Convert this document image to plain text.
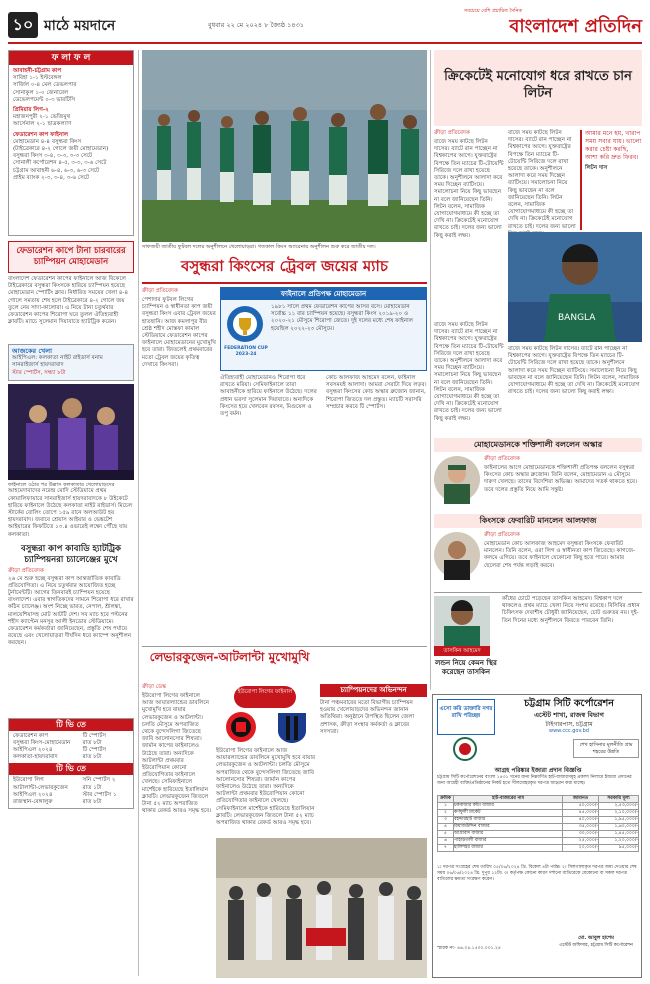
১০ মাঠে ময়দানে	বুধবার ২২ মে ২০২৪ ৮ জ্যৈষ্ঠ ১৪৩১
সবচেয়ে বেশি প্রচারিত দৈনিক
বাংলাদেশ প্রতিদিন
ফ লা ফ ল
আবাহনী-চট্টগ্রাম কাপ
সাবিহা ১-১ ইস্টবেঙ্গল
সার্জিল ০-৪ মেল ডেভলপার
সোনাকুল ১-০ জেনারেল
ডেভেলপমেন্ট ০-৩ ভারটিসি
প্রিমিয়ার লিগ-২
মহাজনপুরী ২-১ ভেজিমুথ
আর্সেনাল ২-১ ছাত্রকল্যাণ
ফেডারেশন কাপ ফাইনাল
মোহামেডান ৪-৪ বসুন্ধরা কিংস
(টাইব্রেকারে ৪-২ গোলে জয়ী মোহামেডান)
বসুন্ধরা কিংস ৩-৪, ৩-৩, ৩-৩ সেটে
সোনালী কর্পোরেশন ৪-৫, ৩-৩, ৩-৬ সেটে
চট্টগ্রাম আবাহনী ৬-৪, ৬-৩, ৬-৩ সেটে
প্রাইম ব্যাংক ২-৩, ৩-৪, ৩-৬ সেটে
ফেডারেশন কাপে টানা চারবারের চ্যাম্পিয়ন মোহামেডান
বাংলাদেশ ফেডারেশন কাপের ফাইনালে আজ বিকেলে টাইব্রেকারে বসুন্ধরা কিংসকে হারিয়ে চ্যাম্পিয়ন হয়েছে মোহামেডান স্পোর্টিং ক্লাব। নির্ধারিত সময়ের খেলা ৪-৪ গোলে সমতায় শেষ হলে টাইব্রেকারে ৪-২ গোলে জয় তুলে নেয় সাদা-কালোরা। এ নিয়ে টানা চতুর্থবার ফেডারেশন কাপের শিরোপা ঘরে তুলল ঐতিহ্যবাহী ক্লাবটি। ম্যাচে সুলেমান দিয়াবাতে হ্যাটট্রিক করেন।
আজকের খেলা
আইপিএল: কলকাতা নাইট রাইডার্স বনাম সানরাইজার্স হায়দরাবাদ
স্টার স্পোর্টস, সন্ধ্যা ৮টা
ফাইনালে ওঠার পর উল্লাস কলকাতার খেলোয়াড়দের
আহমেদাবাদের নরেন্দ্র মোদি স্টেডিয়ামে প্রথম কোয়ালিফায়ারে সানরাইজার্স হায়দরাবাদকে ৮ উইকেটে হারিয়ে ফাইনালে উঠেছে কলকাতা নাইট রাইডার্স। মিচেল স্টার্কের বোলিং তোপে ১৫৯ রানে অলআউট হয় হায়দরাবাদ। জবাবে শ্রেয়াস আইয়ার ও ভেঙ্কটেশ আইয়ারের ফিফটিতে ১৩.৪ ওভারেই লক্ষ্যে পৌঁছে যায় কলকাতা।
বসুন্ধরা কাপ কাবাডি হ্যাটট্রিক চ্যাম্পিয়নরা চ্যালেঞ্জের মুখে
ক্রীড়া প্রতিবেদক
২৬ মে শুরু হচ্ছে বসুন্ধরা কাপ আন্তর্জাতিক কাবাডি প্রতিযোগিতা। এ নিয়ে চতুর্থবার আয়োজিত হচ্ছে টুর্নামেন্টটি। আগের তিনবারই চ্যাম্পিয়ন হয়েছে বাংলাদেশ। এবার স্বাগতিকদের সামনে শিরোপা ধরে রাখার কঠিন চ্যালেঞ্জ। অংশ নিচ্ছে ভারত, নেপাল, শ্রীলঙ্কা, মালয়েশিয়াসহ মোট আটটি দেশ। সব ম্যাচ হবে পল্টনের শহীদ ক্যাপ্টেন মনসুর আলী ইনডোর স্টেডিয়ামে। ফেডারেশন কর্মকর্তারা জানিয়েছেন, প্রস্তুতি শেষ পর্যায়ে রয়েছে এবং খেলোয়াড়রা দীর্ঘদিন ধরে ক্যাম্পে অনুশীলন করছেন।
টি ভি তে
ফেডারেশন কাপ	টি স্পোর্টস
বসুন্ধরা কিংস-মোহামেডান	রাত ৮টা
আইপিএল ২০২৪	টি স্পোর্টস
কলকাতা-হায়দরাবাদ	রাত ৮টা
টি ভি তে
ইউরোপা লিগ	সনি স্পোর্টস ২
আটালান্টা-লেভারকুজেন	রাত ১টা
আইপিএল ২০২৪	স্টার স্পোর্টস ১
রাজস্থান-বেঙ্গালুরু	রাত ৮টা
সাফজয়ী জাতীয় ফুটবল দলের অনুশীলনে খেলোয়াড়রা। গতকাল কিংস অ্যারেনায় অনুশীলন শুরু করে জাতীয় দল।
বসুন্ধরা কিংসের ট্রেবল জয়ের ম্যাচ
ক্রীড়া প্রতিবেদক
পেশাদার ফুটবল লিগের চ্যাম্পিয়ন ও স্বাধীনতা কাপ জয়ী বসুন্ধরা কিংস এবার ট্রেবল জয়ের হাতছানি। আজ কমলাপুর বীর শ্রেষ্ঠ শহীদ মোস্তফা কামাল স্টেডিয়ামে ফেডারেশন কাপের ফাইনালে মোহামেডানের মুখোমুখি হবে তারা। জিতলেই প্রথমবারের মতো ট্রেবল জয়ের কৃতিত্ব দেখাবে কিংসরা।
ফাইনালে প্রতিপক্ষ মোহামেডান
FEDERATION CUP 2023-24
১৯৮১ সালে প্রথম ফেডারেশন কাপের আসর বসে। মোহামেডান সর্বোচ্চ ১১ বার চ্যাম্পিয়ন হয়েছে। বসুন্ধরা কিংস ২০১৯-২০ ও ২০২০-২১ মৌসুমে শিরোপা জেতে। দুই দলের মধ্যে শেষ ফাইনাল হয়েছিল ২০২২-২৩ মৌসুমে।
ঐতিহ্যবাহী মোহামেডানও শিরোপা ধরে রাখতে মরিয়া। সেমিফাইনালে তারা আবাহনীকে হারিয়ে ফাইনালে উঠেছে। দলের প্রধান ভরসা সুলেমান দিয়াবাতে। অন্যদিকে কিংসের হয়ে খেলবেন রবসন, মিগুয়েল ও তপু বর্মন।
কোচ আলফাজ আহমেদ বলেন, ফাইনাল সবসময়ই আলাদা। আমরা সেরাটা দিয়ে লড়ব। বসুন্ধরা কিংসের কোচ অস্কার ব্রুজোন জানান, শিরোপা জিততে দল প্রস্তুত। ম্যাচটি সরাসরি সম্প্রচার করবে টি স্পোর্টস।
লেভারকুজেন-আটলান্টা মুখোমুখি
ক্রীড়া ডেস্ক
ইউরোপা লিগের ফাইনালে আজ আয়ারল্যান্ডের ডাবলিনে মুখোমুখি হবে বায়ার লেভারকুজেন ও আটলান্টা। চলতি মৌসুমে অপরাজিত থেকে বুন্দেসলিগা জিতেছে জাবি আলোনসোর শিষ্যরা। জার্মান কাপের ফাইনালেও উঠেছে তারা। অন্যদিকে আটলান্টা প্রথমবার ইউরোপিয়ান কোনো প্রতিযোগিতার ফাইনালে খেলছে। সেমিফাইনালে মার্শেইকে হারিয়েছে ইতালিয়ান ক্লাবটি। লেভারকুজেন জিতলে টানা ৫২ ম্যাচ অপরাজিত থাকার রেকর্ড আরও সমৃদ্ধ হবে।
ইউরোপা লিগের ফাইনাল
ইউরোপা লিগের ফাইনালে আজ আয়ারল্যান্ডের ডাবলিনে মুখোমুখি হবে বায়ার লেভারকুজেন ও আটলান্টা। চলতি মৌসুমে অপরাজিত থেকে বুন্দেসলিগা জিতেছে জাবি আলোনসোর শিষ্যরা। জার্মান কাপের ফাইনালেও উঠেছে তারা। অন্যদিকে আটলান্টা প্রথমবার ইউরোপিয়ান কোনো প্রতিযোগিতার ফাইনালে খেলছে। সেমিফাইনালে মার্শেইকে হারিয়েছে ইতালিয়ান ক্লাবটি। লেভারকুজেন জিতলে টানা ৫২ ম্যাচ অপরাজিত থাকার রেকর্ড আরও সমৃদ্ধ হবে।
চ্যাম্পিয়নদের অভিনন্দন
টানা পঞ্চমবারের মতো বিভাগীয় চ্যাম্পিয়ন হওয়ায় খেলোয়াড়দের অভিনন্দন জানান অতিথিরা। অনুষ্ঠানে উপস্থিত ছিলেন জেলা প্রশাসক, ক্রীড়া সংস্থার কর্মকর্তা ও ক্লাবের সদস্যরা।
ক্রিকেটেই মনোযোগ ধরে রাখতে চান লিটন
ক্রীড়া প্রতিবেদক
বাজে সময় কাটছে লিটন দাসের। ব্যাটে রান পাচ্ছেন না বিশ্বকাপের আগে। যুক্তরাষ্ট্রের বিপক্ষে তিন ম্যাচের টি-টোয়েন্টি সিরিজে দলে রাখা হয়েছে তাকে। অনুশীলনে আলাদা করে সময় দিচ্ছেন ব্যাটিংয়ে। সমালোচনা নিয়ে কিছু ভাবছেন না বলে জানিয়েছেন তিনি। লিটন বলেন, সামাজিক যোগাযোগমাধ্যমে কী হচ্ছে তা দেখি না। ক্রিকেটেই মনোযোগ রাখতে চাই। দলের জন্য ভালো কিছু করাই লক্ষ্য।
বাজে সময় কাটছে লিটন দাসের। ব্যাটে রান পাচ্ছেন না বিশ্বকাপের আগে। যুক্তরাষ্ট্রের বিপক্ষে তিন ম্যাচের টি-টোয়েন্টি সিরিজে দলে রাখা হয়েছে তাকে। অনুশীলনে আলাদা করে সময় দিচ্ছেন ব্যাটিংয়ে। সমালোচনা নিয়ে কিছু ভাবছেন না বলে জানিয়েছেন তিনি। লিটন বলেন, সামাজিক যোগাযোগমাধ্যমে কী হচ্ছে তা দেখি না। ক্রিকেটেই মনোযোগ রাখতে চাই। দলের জন্য ভালো
আমার মনে হয়, খারাপ সময় সবার যায়। ভালো করার চেষ্টা করছি, আশা করি দ্রুত ফিরব।
লিটন দাস
BANGLA
বাজে সময় কাটছে লিটন দাসের। ব্যাটে রান পাচ্ছেন না বিশ্বকাপের আগে। যুক্তরাষ্ট্রের বিপক্ষে তিন ম্যাচের টি-টোয়েন্টি সিরিজে দলে রাখা হয়েছে তাকে। অনুশীলনে আলাদা করে সময় দিচ্ছেন ব্যাটিংয়ে। সমালোচনা নিয়ে কিছু ভাবছেন না বলে জানিয়েছেন তিনি। লিটন বলেন, সামাজিক যোগাযোগমাধ্যমে কী হচ্ছে তা দেখি না। ক্রিকেটেই মনোযোগ রাখতে চাই। দলের জন্য ভালো কিছু করাই লক্ষ্য।
বাজে সময় কাটছে লিটন দাসের। ব্যাটে রান পাচ্ছেন না বিশ্বকাপের আগে। যুক্তরাষ্ট্রের বিপক্ষে তিন ম্যাচের টি-টোয়েন্টি সিরিজে দলে রাখা হয়েছে তাকে। অনুশীলনে আলাদা করে সময় দিচ্ছেন ব্যাটিংয়ে। সমালোচনা নিয়ে কিছু ভাবছেন না বলে জানিয়েছেন তিনি। লিটন বলেন, সামাজিক যোগাযোগমাধ্যমে কী হচ্ছে তা দেখি না। ক্রিকেটেই মনোযোগ রাখতে চাই। দলের জন্য ভালো কিছু করাই লক্ষ্য।
মোহামেডানকে শক্তিশালী বললেন অস্কার
ক্রীড়া প্রতিবেদক
ফাইনালের আগে মোহামেডানকে শক্তিশালী প্রতিপক্ষ বললেন বসুন্ধরা কিংসের কোচ অস্কার ব্রুজোন। তিনি বলেন, মোহামেডান এ মৌসুমে দারুণ খেলছে। তাদের বিদেশিরা অভিজ্ঞ। আমাদের সতর্ক থাকতে হবে। তবে দলের প্রস্তুতি নিয়ে আমি সন্তুষ্ট।
কিংসকে ফেবারিট মানলেন আলফাজ
ক্রীড়া প্রতিবেদক
মোহামেডান কোচ আলফাজ আহমেদ বসুন্ধরা কিংসকে ফেবারিট মানলেন। তিনি বলেন, ওরা লিগ ও স্বাধীনতা কাপ জিতেছে। কাগজে-কলমে এগিয়ে। তবে ফাইনালে যেকোনো কিছু হতে পারে। আমার ছেলেরা শেষ পর্যন্ত লড়াই করবে।
তাসকিন আহমেদ
লন্ডন নিয়ে কেমন স্থির করেছেন তাসকিন
কাঁধের চোটে পড়েছেন তাসকিন আহমেদ। বিশ্বকাপ দলে থাকলেও প্রথম ম্যাচে খেলা নিয়ে সংশয় রয়েছে। বিসিবির প্রধান চিকিৎসক দেবাশীষ চৌধুরী জানিয়েছেন, চোট গুরুতর নয়। দুই-তিন দিনের মধ্যে অনুশীলনে ফিরতে পারবেন তিনি।
এসো করি ডাক্তারি নগর রাখি পরিচ্ছন্ন
চট্টগ্রাম সিটি কর্পোরেশন
এস্টেট শাখা, রাজস্ব বিভাগ
টাইগারপাস, চট্টগ্রাম
www.ccc.gov.bd
শেখ হাসিনার মূলনীতি গ্রাম শহরের উন্নতি
আগ্রহ পরিষ্কার ইজারা প্রদান বিজ্ঞপ্তি
চট্টগ্রাম সিটি কর্পোরেশনের বাংলা ১৪৩১ সনের জন্য নিম্নবর্ণিত হাট-বাজারসমূহ প্রকাশ্য নিলামে ইজারা প্রদানের জন্য আগ্রহী ব্যক্তি/প্রতিষ্ঠানের নিকট হতে সীলমোহরকৃত দরপত্র আহ্বান করা যাচ্ছে।
ক্রমিক	হাট-বাজারের নাম	জামানত	সরকারি মূল্য
১	চকবাজার কাঁচা বাজার	৫০,০০০/-	২,৫৩,০০০/-
২	কর্ণফুলী মার্কেট	৪৫,০০০/-	২,১০,০০০/-
৩	বহদ্দারহাট বাজার	৪০,০০০/-	১,৯৫,০০০/-
৪	রিয়াজউদ্দিন বাজার	৩৫,০০০/-	১,৬০,০০০/-
৫	আগ্রাবাদ বাজার	৩০,০০০/-	১,৪৫,০০০/-
৬	পাহাড়তলী বাজার	২৫,০০০/-	১,২০,০০০/-
৭	হালিশহর বাজার	২০,০০০/-	৯৫,০০০/-
১। দরপত্র সংগ্রহের শেষ তারিখ ০৫/০৬/২০২৪ খ্রি. বিকেল ৪টা পর্যন্ত। ২। সিলগালাকৃত দরপত্র জমা দেওয়ার শেষ সময় ০৬/০৬/২০২৪ খ্রি. দুপুর ১২টা। ৩। কর্তৃপক্ষ কোনো কারণ দর্শানো ব্যতিরেকে যেকোনো বা সকল দরপত্র বাতিলের ক্ষমতা সংরক্ষণ করেন।
স্মারক নং- ৪৬.০৪.১৫০০.০০১.২৪
মো. আবুল হাশেম
এস্টেট অফিসার, চট্টগ্রাম সিটি কর্পোরেশন
